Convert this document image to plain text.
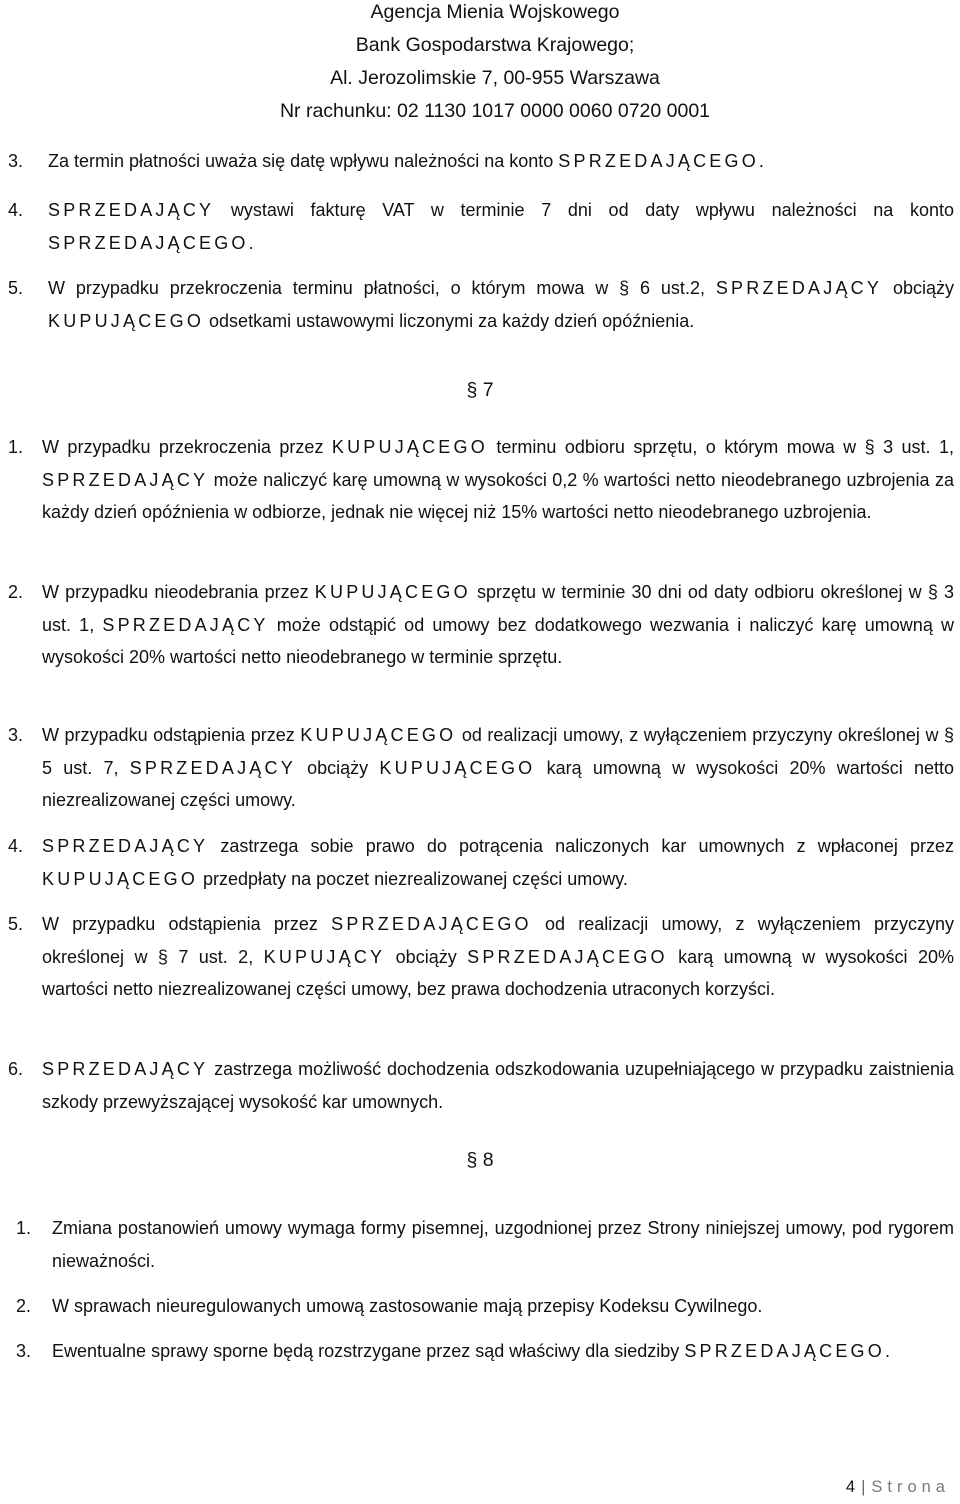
Agencja Mienia Wojskowego
Bank Gospodarstwa Krajowego;
Al. Jerozolimskie 7, 00-955 Warszawa
Nr rachunku: 02 1130 1017 0000 0060 0720 0001
3. Za termin płatności uważa się datę wpływu należności na konto SPRZEDAJĄCEGO.
4. SPRZEDAJĄCY wystawi fakturę VAT w terminie 7 dni od daty wpływu należności na konto SPRZEDAJĄCEGO.
5. W przypadku przekroczenia terminu płatności, o którym mowa w § 6 ust.2, SPRZEDAJĄCY obciąży KUPUJĄCEGO odsetkami ustawowymi liczonymi za każdy dzień opóźnienia.
§ 7
1. W przypadku przekroczenia przez KUPUJĄCEGO terminu odbioru sprzętu, o którym mowa w § 3 ust. 1, SPRZEDAJĄCY może naliczyć karę umowną w wysokości 0,2 % wartości netto nieodebranego uzbrojenia za każdy dzień opóźnienia w odbiorze, jednak nie więcej niż 15% wartości netto nieodebranego uzbrojenia.
2. W przypadku nieodebrania przez KUPUJĄCEGO sprzętu w terminie 30 dni od daty odbioru określonej w § 3 ust. 1, SPRZEDAJĄCY może odstąpić od umowy bez dodatkowego wezwania i naliczyć karę umowną w wysokości 20% wartości netto nieodebranego w terminie sprzętu.
3. W przypadku odstąpienia przez KUPUJĄCEGO od realizacji umowy, z wyłączeniem przyczyny określonej w § 5 ust. 7, SPRZEDAJĄCY obciąży KUPUJĄCEGO karą umowną w wysokości 20% wartości netto niezrealizowanej części umowy.
4. SPRZEDAJĄCY zastrzega sobie prawo do potrącenia naliczonych kar umownych z wpłaconej przez KUPUJĄCEGO przedpłaty na poczet niezrealizowanej części umowy.
5. W przypadku odstąpienia przez SPRZEDAJĄCEGO od realizacji umowy, z wyłączeniem przyczyny określonej w § 7 ust. 2, KUPUJĄCY obciąży SPRZEDAJĄCEGO karą umowną w wysokości 20% wartości netto niezrealizowanej części umowy, bez prawa dochodzenia utraconych korzyści.
6. SPRZEDAJĄCY zastrzega możliwość dochodzenia odszkodowania uzupełniającego w przypadku zaistnienia szkody przewyższającej wysokość kar umownych.
§ 8
1. Zmiana postanowień umowy wymaga formy pisemnej, uzgodnionej przez Strony niniejszej umowy, pod rygorem nieważności.
2. W sprawach nieuregulowanych umową zastosowanie mają przepisy Kodeksu Cywilnego.
3. Ewentualne sprawy sporne będą rozstrzygane przez sąd właściwy dla siedziby SPRZEDAJĄCEGO.
4 | Strona
